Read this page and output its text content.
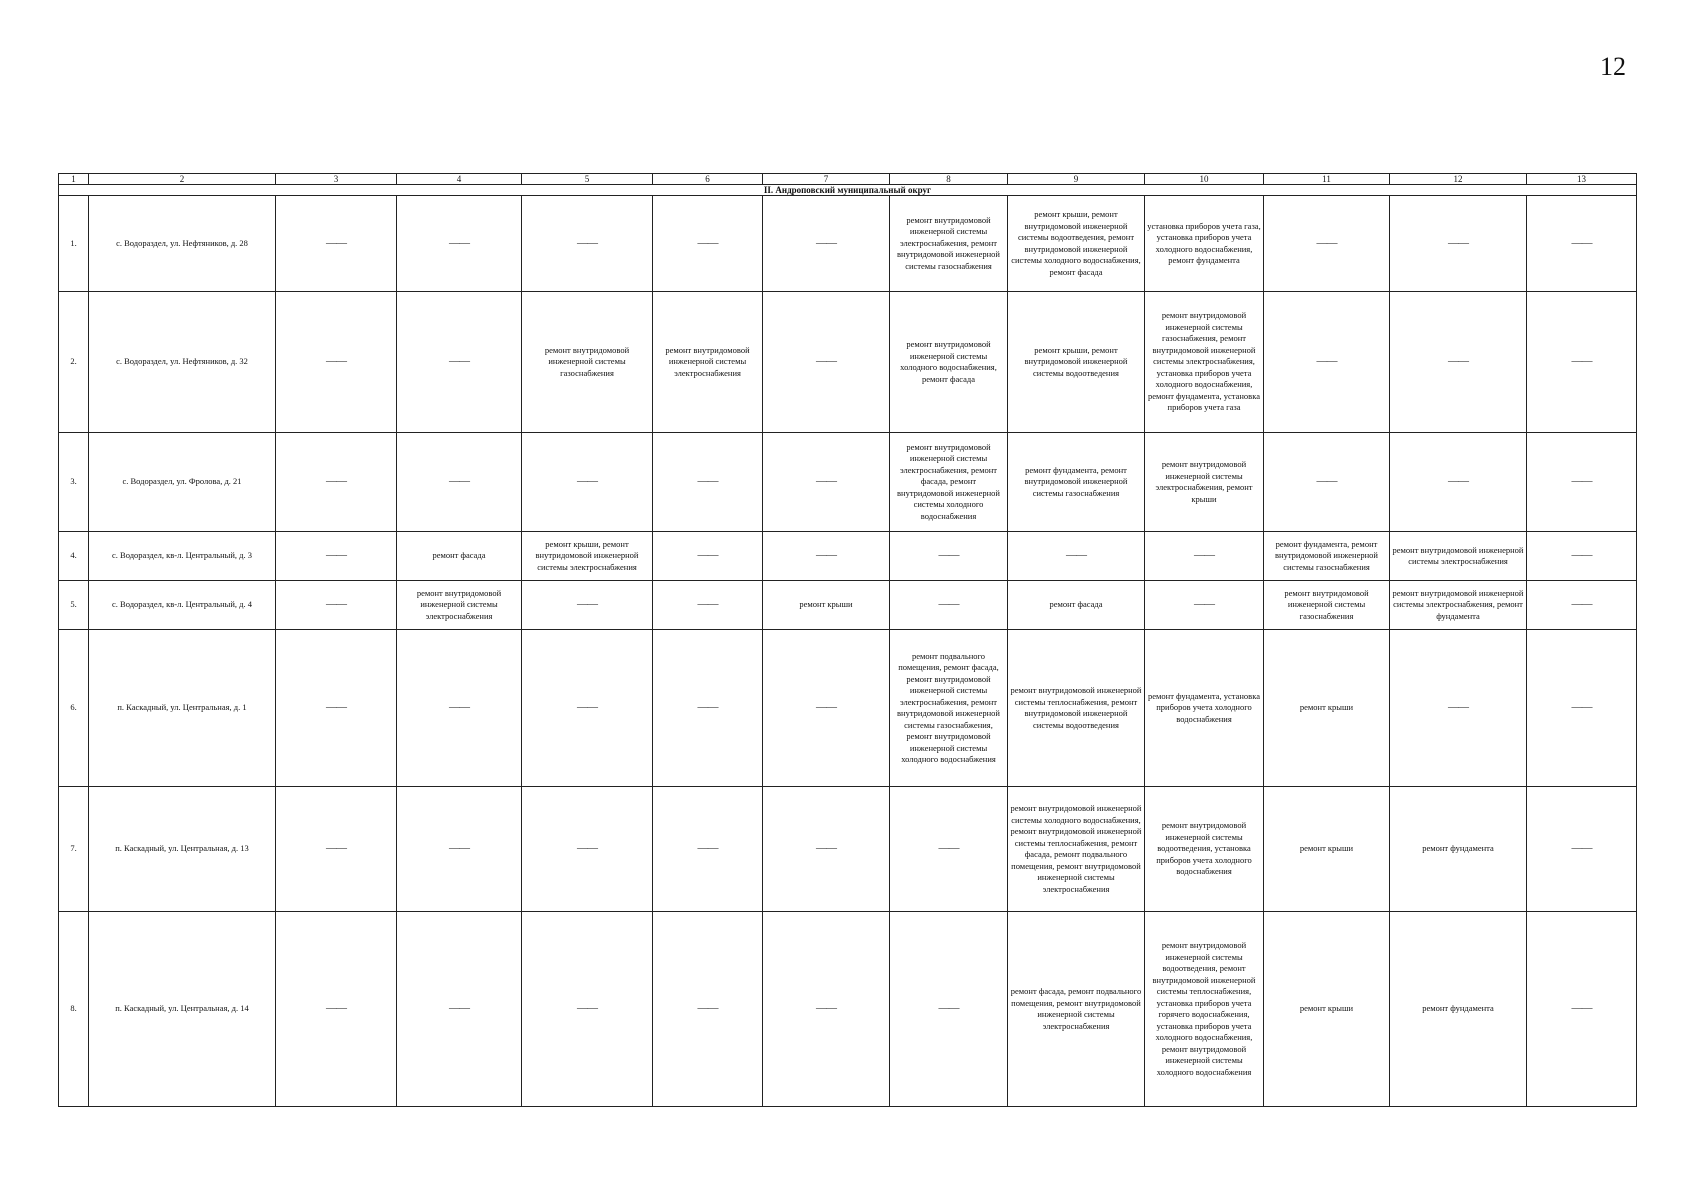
12
1	2	3	4	5	6	7	8	9	10	11	12	13
II. Андроповский муниципальный округ												
1.	с. Водораздел, ул. Нефтяников, д. 28	——	——	——	——	——	ремонт внутридомовой инженерной системы электроснабжения, ремонт внутридомовой инженерной системы газоснабжения	ремонт крыши, ремонт внутридомовой инженерной системы водоотведения, ремонт внутридомовой инженерной системы холодного водоснабжения, ремонт фасада	установка приборов учета газа, установка приборов учета холодного водоснабжения, ремонт фундамента	——	——	——
2.	с. Водораздел, ул. Нефтяников, д. 32	——	——	ремонт внутридомовой инженерной системы газоснабжения	ремонт внутридомовой инженерной системы электроснабжения	——	ремонт внутридомовой инженерной системы холодного водоснабжения, ремонт фасада	ремонт крыши, ремонт внутридомовой инженерной системы водоотведения	ремонт внутридомовой инженерной системы газоснабжения, ремонт внутридомовой инженерной системы электроснабжения, установка приборов учета холодного водоснабжения, ремонт фундамента, установка приборов учета газа	——	——	——
3.	с. Водораздел, ул. Фролова, д. 21	——	——	——	——	——	ремонт внутридомовой инженерной системы электроснабжения, ремонт фасада, ремонт внутридомовой инженерной системы холодного водоснабжения	ремонт фундамента, ремонт внутридомовой инженерной системы газоснабжения	ремонт внутридомовой инженерной системы электроснабжения, ремонт крыши	——	——	——
4.	с. Водораздел, кв-л. Центральный, д. 3	——	ремонт фасада	ремонт крыши, ремонт внутридомовой инженерной системы электроснабжения	——	——	——	——	——	ремонт фундамента, ремонт внутридомовой инженерной системы газоснабжения	ремонт внутридомовой инженерной системы электроснабжения	——
5.	с. Водораздел, кв-л. Центральный, д. 4	——	ремонт внутридомовой инженерной системы электроснабжения	——	——	ремонт крыши	——	ремонт фасада	——	ремонт внутридомовой инженерной системы газоснабжения	ремонт внутридомовой инженерной системы электроснабжения, ремонт фундамента	——
6.	п. Каскадный, ул. Центральная, д. 1	——	——	——	——	——	ремонт подвального помещения, ремонт фасада, ремонт внутридомовой инженерной системы электроснабжения, ремонт внутридомовой инженерной системы газоснабжения, ремонт внутридомовой инженерной системы холодного водоснабжения	ремонт внутридомовой инженерной системы теплоснабжения, ремонт внутридомовой инженерной системы водоотведения	ремонт фундамента, установка приборов учета холодного водоснабжения	ремонт крыши	——	——
7.	п. Каскадный, ул. Центральная, д. 13	——	——	——	——	——	——	ремонт внутридомовой инженерной системы холодного водоснабжения, ремонт внутридомовой инженерной системы теплоснабжения, ремонт фасада, ремонт подвального помещения, ремонт внутридомовой инженерной системы электроснабжения	ремонт внутридомовой инженерной системы водоотведения, установка приборов учета холодного водоснабжения	ремонт крыши	ремонт фундамента	——
8.	п. Каскадный, ул. Центральная, д. 14	——	——	——	——	——	——	ремонт фасада, ремонт подвального помещения, ремонт внутридомовой инженерной системы электроснабжения	ремонт внутридомовой инженерной системы водоотведения, ремонт внутридомовой инженерной системы теплоснабжения, установка приборов учета горячего водоснабжения, установка приборов учета холодного водоснабжения, ремонт внутридомовой инженерной системы холодного водоснабжения	ремонт крыши	ремонт фундамента	——
